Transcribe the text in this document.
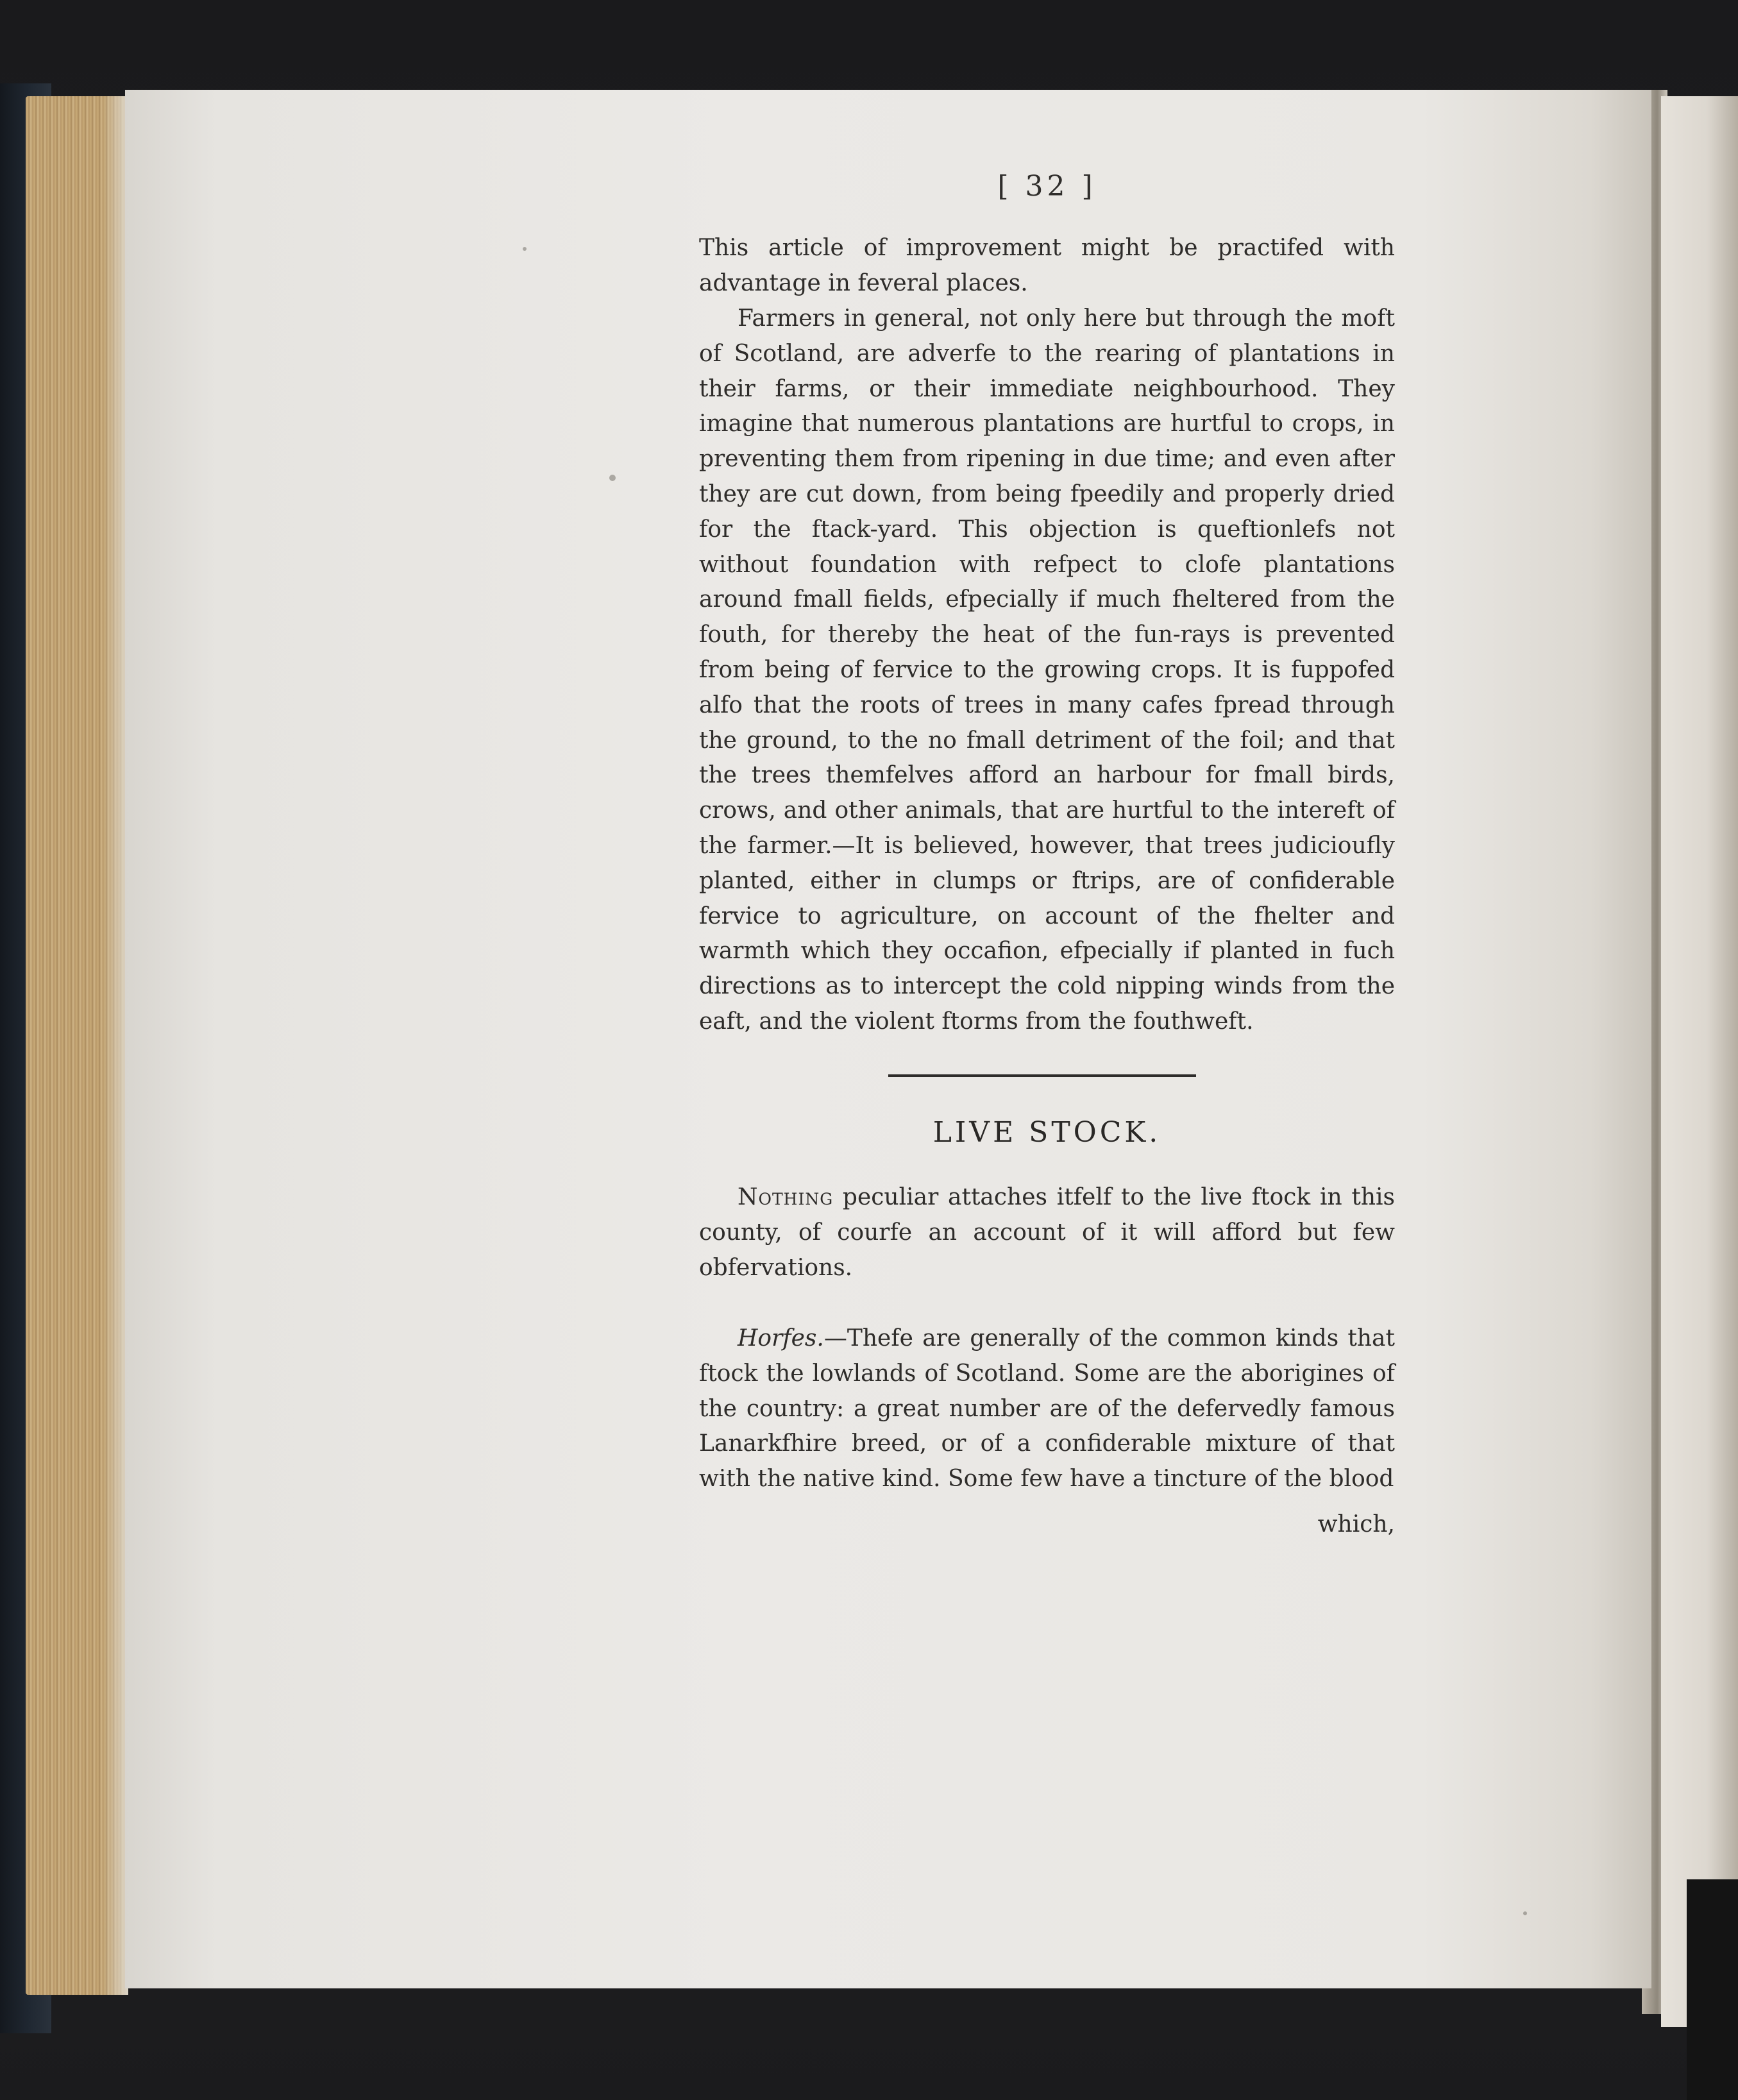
[ 32 ]

This article of improvement might be practifed with advantage in feveral places.

Farmers in general, not only here but through the moft of Scotland, are adverfe to the rearing of plantations in their farms, or their immediate neighbourhood. They imagine that numerous plantations are hurtful to crops, in preventing them from ripening in due time; and even after they are cut down, from being fpeedily and properly dried for the ftack-yard. This objection is queftionlefs not without foundation with refpect to clofe plantations around fmall fields, efpecially if much fheltered from the fouth, for thereby the heat of the fun-rays is prevented from being of fervice to the growing crops. It is fuppofed alfo that the roots of trees in many cafes fpread through the ground, to the no fmall detriment of the foil; and that the trees themfelves afford an harbour for fmall birds, crows, and other animals, that are hurtful to the intereft of the farmer.—It is believed, however, that trees judicioufly planted, either in clumps or ftrips, are of confiderable fervice to agriculture, on account of the fhelter and warmth which they occafion, efpecially if planted in fuch directions as to intercept the cold nipping winds from the eaft, and the violent ftorms from the fouthweft.

LIVE STOCK.

Nothing peculiar attaches itfelf to the live ftock in this county, of courfe an account of it will afford but few obfervations.

Horfes.—Thefe are generally of the common kinds that ftock the lowlands of Scotland. Some are the aborigines of the country: a great number are of the defervedly famous Lanarkfhire breed, or of a confiderable mixture of that with the native kind. Some few have a tincture of the blood

which,
